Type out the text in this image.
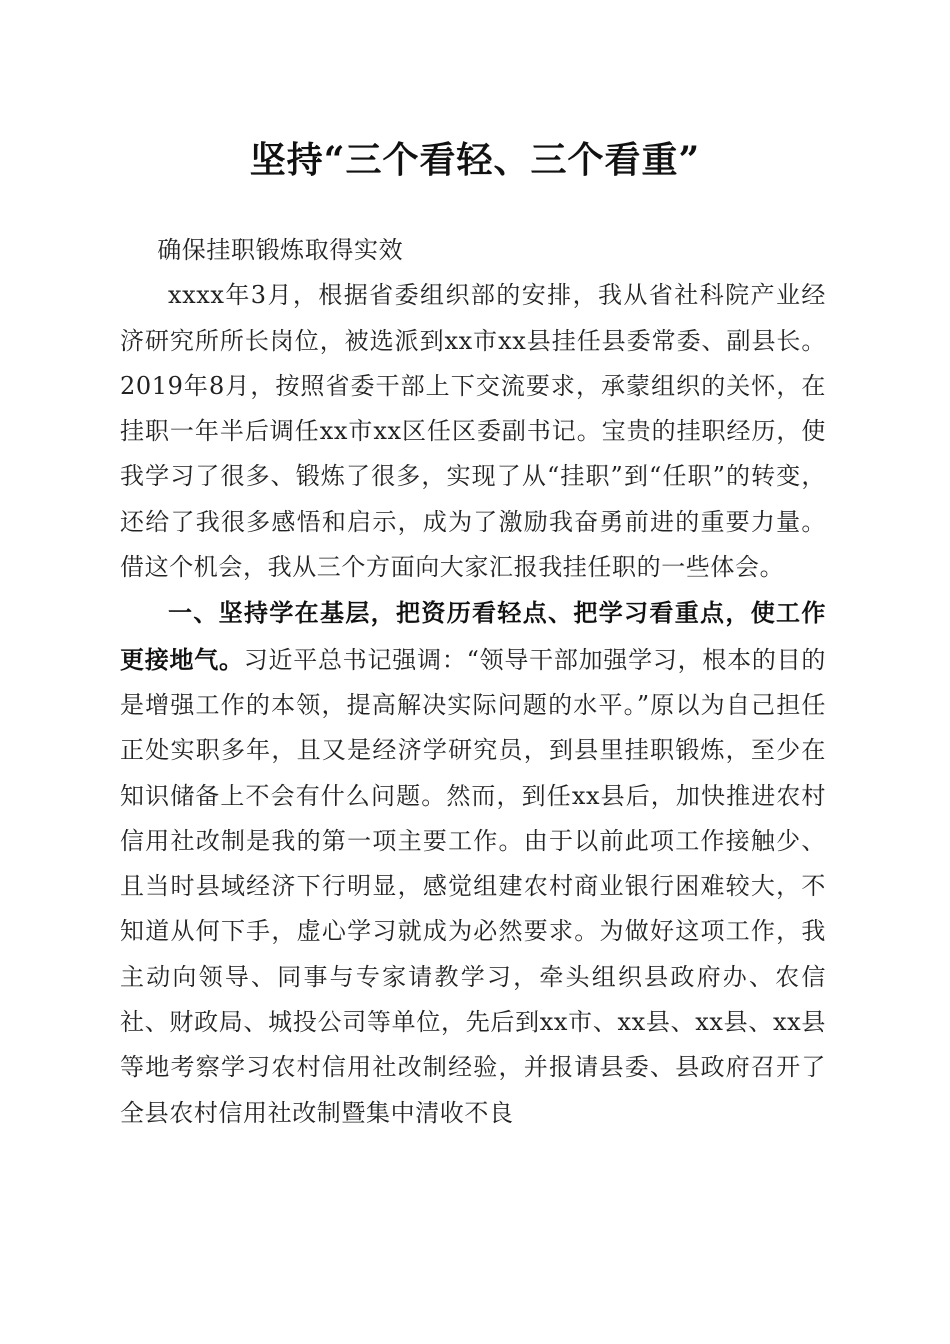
坚持“三个看轻、三个看重”

确保挂职锻炼取得实效

xxxx年3月，根据省委组织部的安排，我从省社科院产业经济研究所所长岗位，被选派到xx市xx县挂任县委常委、副县长。2019年8月，按照省委干部上下交流要求，承蒙组织的关怀，在挂职一年半后调任xx市xx区任区委副书记。宝贵的挂职经历，使我学习了很多、锻炼了很多，实现了从“挂职”到“任职”的转变，还给了我很多感悟和启示，成为了激励我奋勇前进的重要力量。借这个机会，我从三个方面向大家汇报我挂任职的一些体会。

一、坚持学在基层，把资历看轻点、把学习看重点，使工作更接地气。习近平总书记强调：“领导干部加强学习，根本的目的是增强工作的本领，提高解决实际问题的水平。”原以为自己担任正处实职多年，且又是经济学研究员，到县里挂职锻炼，至少在知识储备上不会有什么问题。然而，到任xx县后，加快推进农村信用社改制是我的第一项主要工作。由于以前此项工作接触少、且当时县域经济下行明显，感觉组建农村商业银行困难较大，不知道从何下手，虚心学习就成为必然要求。为做好这项工作，我主动向领导、同事与专家请教学习，牵头组织县政府办、农信社、财政局、城投公司等单位，先后到xx市、xx县、xx县、xx县等地考察学习农村信用社改制经验，并报请县委、县政府召开了全县农村信用社改制暨集中清收不良
